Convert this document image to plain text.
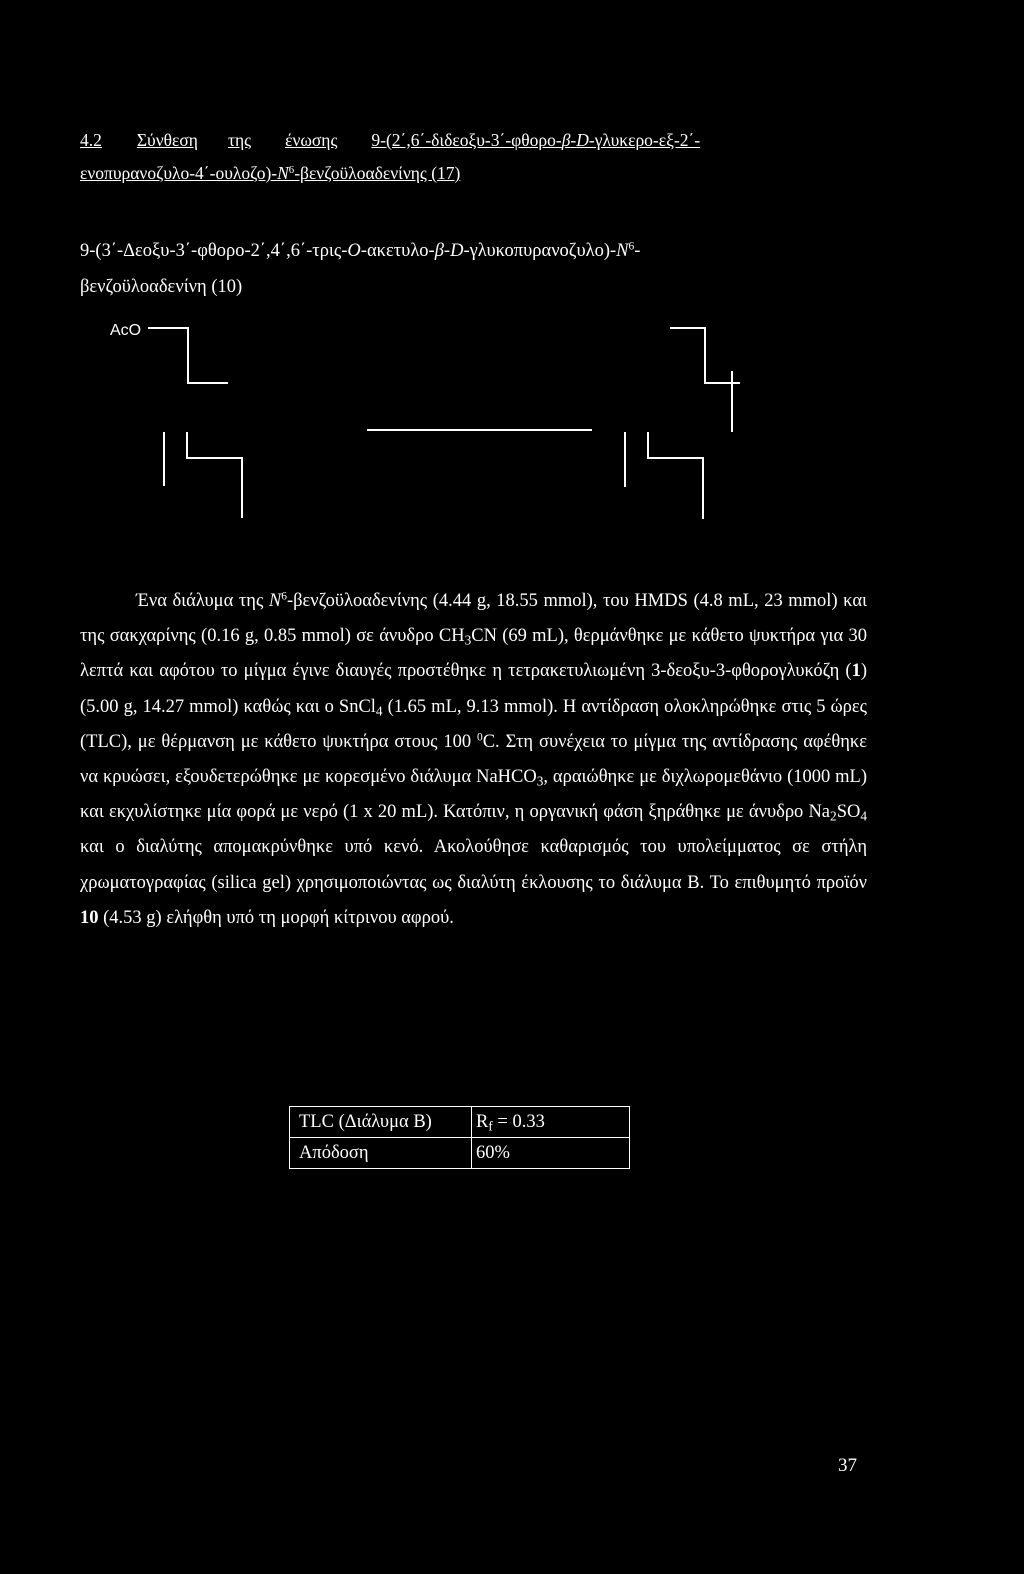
4.2 Σύνθεση της ένωσης 9-(2΄,6΄-διδεοξυ-3΄-φθορο-β-D-γλυκερο-εξ-2΄-
ενοπυρανοζυλο-$4΄-o\upsilon\lambda o\zeta o)-N^6$-βενζοϋλοαδενίνης (17)
$9-(3΄-\Delta\varepsilon o\xi\upsilon-3΄-\varphi\theta o\rho o-2΄,4΄,6΄-\tau\rho\iota\varsigma-O-\alpha\kappa\varepsilon\tau\upsilon\lambda o-\beta-D-\gamma\lambda\upsilon\kappa o\pi\upsilon\rho\alpha\nu o\zeta\upsilon\lambda o)-N^6-$
βενζοϋλοαδενίνη (10)
AcO
Ένα διάλυμα της $N^6$-βενζοϋλοαδενίνης (4.44 g, 18.55 mmol), του HMDS (4.8 mL, 23 mmol) και της σακχαρίνης (0.16 g, 0.85 mmol) σε άνυδρο $CH_3CN$ (69 mL), θερμάνθηκε με κάθετο ψυκτήρα για 30 λεπτά και αφότου το μίγμα έγινε διαυγές προστέθηκε η τετρακετυλιωμένη 3-δεοξυ-3-φθορογλυκόζη (1) (5.00 g, 14.27 mmol) καθώς και ο SnCl$_4$ (1.65 mL, 9.13 mmol). Η αντίδραση ολοκληρώθηκε στις 5 ώρες (TLC), με θέρμανση με κάθετο ψυκτήρα στους 100 $^0$C. Στη συνέχεια το μίγμα της αντίδρασης αφέθηκε να κρυώσει, εξουδετερώθηκε με κορεσμένο διάλυμα NaHCO$_3$, αραιώθηκε με διχλωρομεθάνιο (1000 mL) και εκχυλίστηκε μία φορά με νερό (1 x 20 mL). Κατόπιν, η οργανική φάση ξηράθηκε με άνυδρο $Na_2SO_4$ και ο διαλύτης απομακρύνθηκε υπό κενό. Ακολούθησε καθαρισμός του υπολείμματος σε στήλη χρωματογραφίας (silica gel) χρησιμοποιώντας ως διαλύτη έκλουσης το διάλυμα Β. Το επιθυμητό προϊόν 10 (4.53 g) ελήφθη υπό τη μορφή κίτρινου αφρού.
TLC (Διάλυμα Β)	$R_f = 0.33$
Απόδοση	60%
37
